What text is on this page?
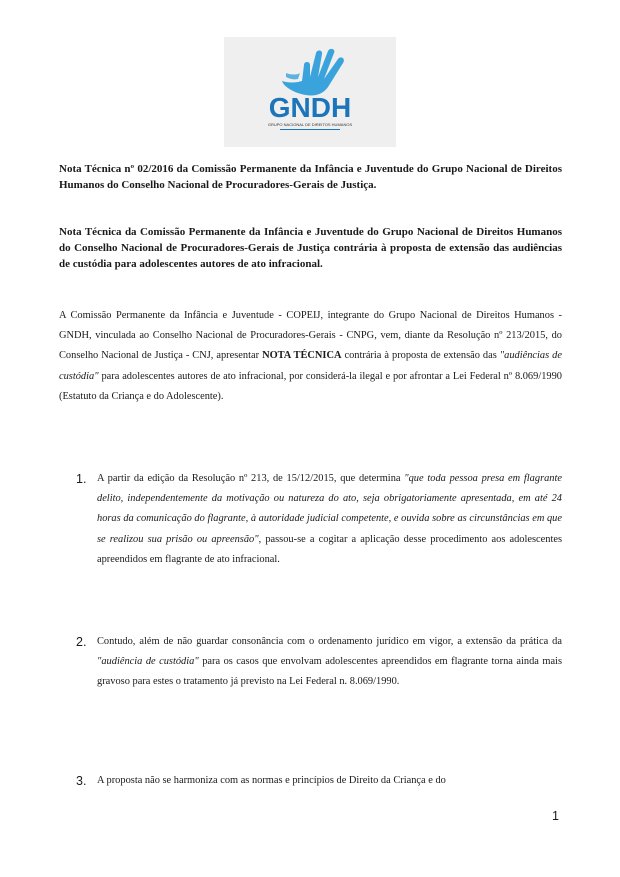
GNDH
GRUPO NACIONAL DE DIREITOS HUMANOS
Nota Técnica nº 02/2016 da Comissão Permanente da Infância e Juventude do Grupo Nacional de Direitos Humanos do Conselho Nacional de Procuradores-Gerais de Justiça.
Nota Técnica da Comissão Permanente da Infância e Juventude do Grupo Nacional de Direitos Humanos do Conselho Nacional de Procuradores-Gerais de Justiça contrária à proposta de extensão das audiências de custódia para adolescentes autores de ato infracional.
A Comissão Permanente da Infância e Juventude - COPEIJ, integrante do Grupo Nacional de Direitos Humanos - GNDH, vinculada ao Conselho Nacional de Procuradores-Gerais - CNPG, vem, diante da Resolução nº 213/2015, do Conselho Nacional de Justiça - CNJ, apresentar NOTA TÉCNICA contrária à proposta de extensão das "audiências de custódia" para adolescentes autores de ato infracional, por considerá-la ilegal e por afrontar a Lei Federal nº 8.069/1990 (Estatuto da Criança e do Adolescente).
1. A partir da edição da Resolução nº 213, de 15/12/2015, que determina "que toda pessoa presa em flagrante delito, independentemente da motivação ou natureza do ato, seja obrigatoriamente apresentada, em até 24 horas da comunicação do flagrante, à autoridade judicial competente, e ouvida sobre as circunstâncias em que se realizou sua prisão ou apreensão", passou-se a cogitar a aplicação desse procedimento aos adolescentes apreendidos em flagrante de ato infracional.
2. Contudo, além de não guardar consonância com o ordenamento jurídico em vigor, a extensão da prática da "audiência de custódia" para os casos que envolvam adolescentes apreendidos em flagrante torna ainda mais gravoso para estes o tratamento já previsto na Lei Federal n. 8.069/1990.
3. A proposta não se harmoniza com as normas e princípios de Direito da Criança e do
1
